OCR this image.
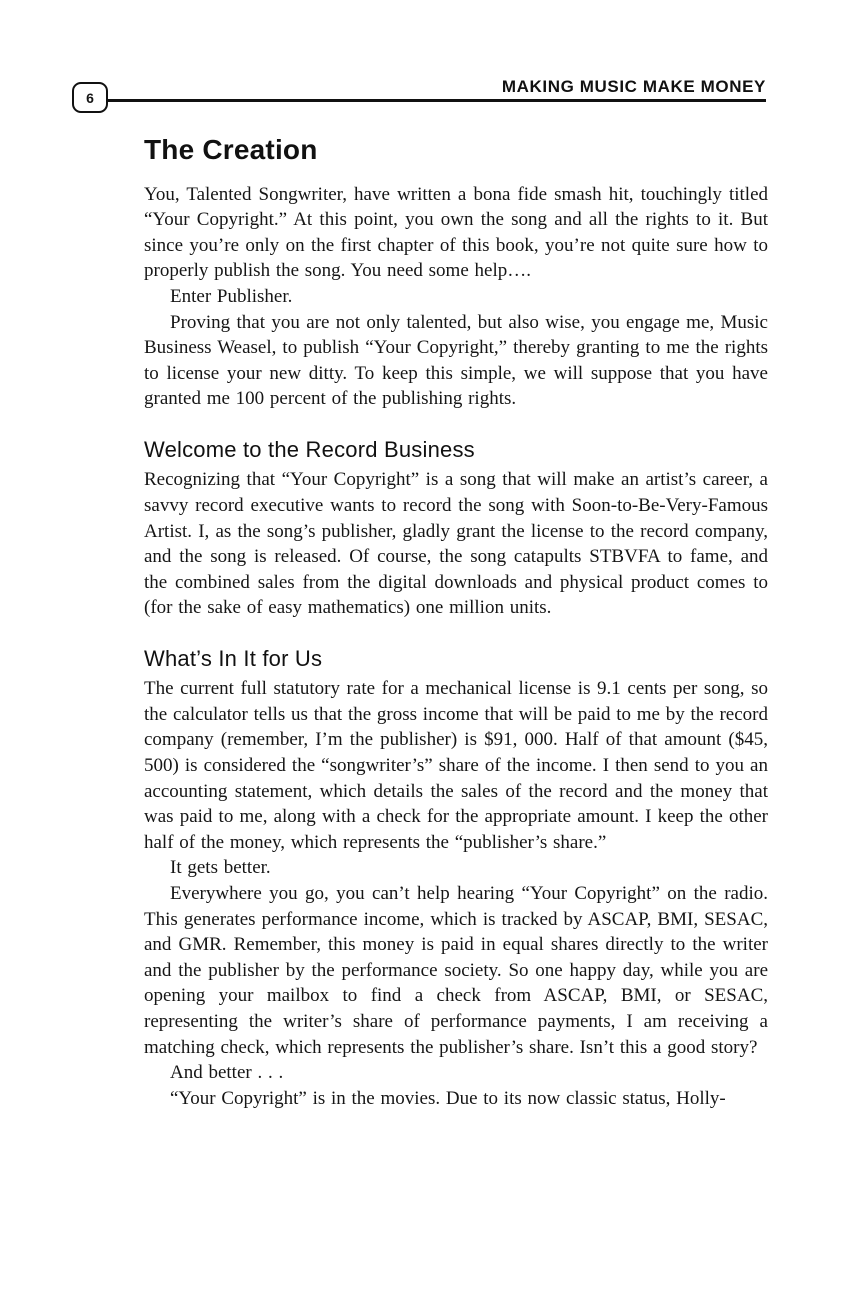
6
MAKING MUSIC MAKE MONEY
The Creation

You, Talented Songwriter, have written a bona fide smash hit, touchingly titled “Your Copyright.” At this point, you own the song and all the rights to it. But since you’re only on the first chapter of this book, you’re not quite sure how to properly publish the song. You need some help….

Enter Publisher.

Proving that you are not only talented, but also wise, you engage me, Music Business Weasel, to publish “Your Copyright,” thereby granting to me the rights to license your new ditty. To keep this simple, we will suppose that you have granted me 100 percent of the publishing rights.

Welcome to the Record Business

Recognizing that “Your Copyright” is a song that will make an artist’s career, a savvy record executive wants to record the song with Soon-to-Be-Very-Famous Artist. I, as the song’s publisher, gladly grant the license to the record company, and the song is released. Of course, the song catapults STBVFA to fame, and the combined sales from the digital downloads and physical product comes to (for the sake of easy mathematics) one million units.

What’s In It for Us

The current full statutory rate for a mechanical license is 9.1 cents per song, so the calculator tells us that the gross income that will be paid to me by the record company (remember, I’m the publisher) is $91, 000. Half of that amount ($45, 500) is considered the “songwriter’s” share of the income. I then send to you an accounting statement, which details the sales of the record and the money that was paid to me, along with a check for the appropriate amount. I keep the other half of the money, which represents the “publisher’s share.”

It gets better.

Everywhere you go, you can’t help hearing “Your Copyright” on the radio. This generates performance income, which is tracked by ASCAP, BMI, SESAC, and GMR. Remember, this money is paid in equal shares directly to the writer and the publisher by the performance society. So one happy day, while you are opening your mailbox to find a check from ASCAP, BMI, or SESAC, representing the writer’s share of performance payments, I am receiving a matching check, which represents the publisher’s share. Isn’t this a good story?

And better . . .

“Your Copyright” is in the movies. Due to its now classic status, Holly-
